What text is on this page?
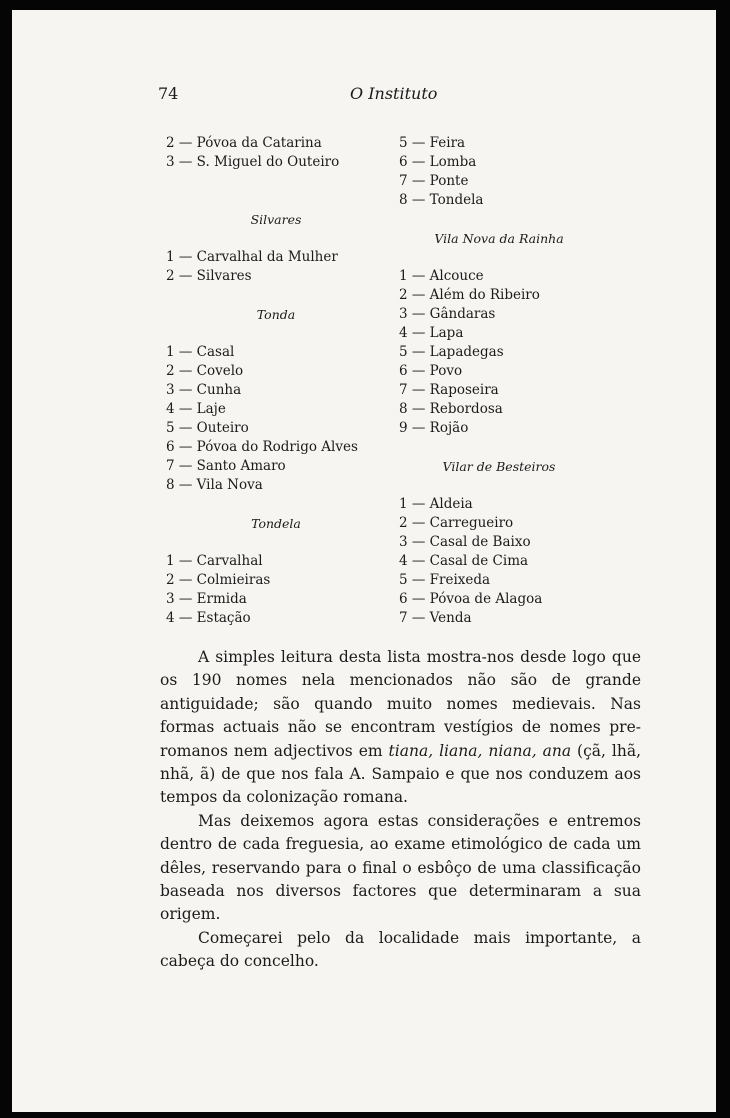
74	O Instituto
2 — Póvoa da Catarina
3 — S. Miguel do Outeiro
Silvares
1 — Carvalhal da Mulher
2 — Silvares
Tonda
1 — Casal
2 — Covelo
3 — Cunha
4 — Laje
5 — Outeiro
6 — Póvoa do Rodrigo Alves
7 — Santo Amaro
8 — Vila Nova
Tondela
1 — Carvalhal
2 — Colmieiras
3 — Ermida
4 — Estação
5 — Feira
6 — Lomba
7 — Ponte
8 — Tondela
Vila Nova da Rainha
1 — Alcouce
2 — Além do Ribeiro
3 — Gândaras
4 — Lapa
5 — Lapadegas
6 — Povo
7 — Raposeira
8 — Rebordosa
9 — Rojão
Vilar de Besteiros
1 — Aldeia
2 — Carregueiro
3 — Casal de Baixo
4 — Casal de Cima
5 — Freixeda
6 — Póvoa de Alagoa
7 — Venda

A simples leitura desta lista mostra-nos desde logo que os 190 nomes nela mencionados não são de grande antiguidade; são quando muito nomes medievais. Nas formas actuais não se encontram vestígios de nomes pre-romanos nem adjectivos em tiana, liana, niana, ana (çã, lhã, nhã, ã) de que nos fala A. Sampaio e que nos conduzem aos tempos da colonização romana.

Mas deixemos agora estas considerações e entremos dentro de cada freguesia, ao exame etimológico de cada um dêles, reservando para o final o esbôço de uma classificação baseada nos diversos factores que determinaram a sua origem.

Começarei pelo da localidade mais importante, a cabeça do concelho.
